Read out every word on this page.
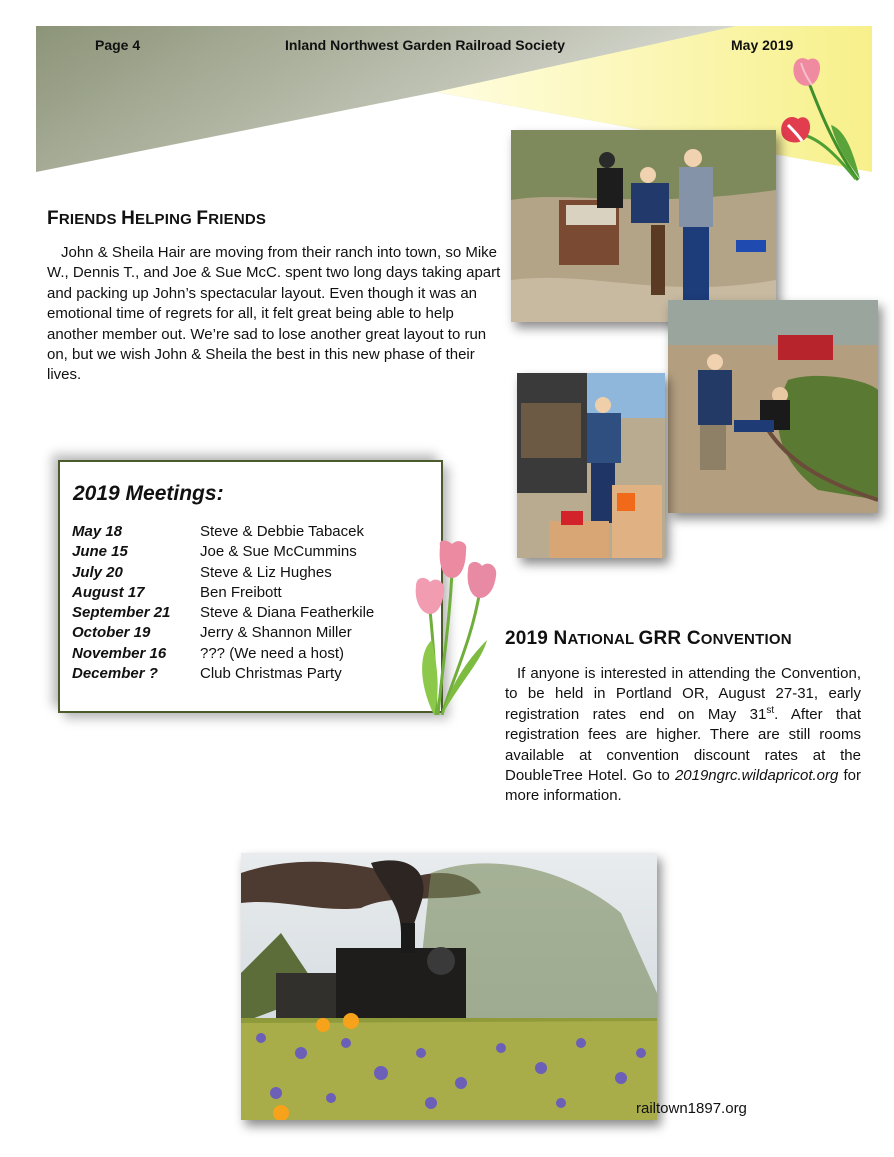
Page 4	Inland Northwest Garden Railroad Society	May 2019
FRIENDS HELPING FRIENDS

John & Sheila Hair are moving from their ranch into town, so Mike W., Dennis T., and Joe & Sue McC. spent two long days taking apart and packing up John’s spectacular layout. Even though it was an emotional time of regrets for all, it felt great being able to help another member out. We’re sad to lose another great layout to run on, but we wish John & Sheila the best in this new phase of their lives.

2019 Meetings:
May 18	Steve & Debbie Tabacek
June 15	Joe & Sue McCummins
July 20	Steve & Liz Hughes
August 17	Ben Freibott
September 21 Steve & Diana Featherkile
October 19	Jerry & Shannon Miller
November 16 ??? (We need a host)
December ?	Club Christmas Party
2019 NATIONAL GRR CONVENTION

If anyone is interested in attending the Convention, to be held in Portland OR, August 27-31, early registration rates end on May 31st. After that registration fees are higher. There are still rooms available at convention discount rates at the DoubleTree Hotel. Go to 2019ngrc.wildapricot.org for more information.

railtown1897.org
